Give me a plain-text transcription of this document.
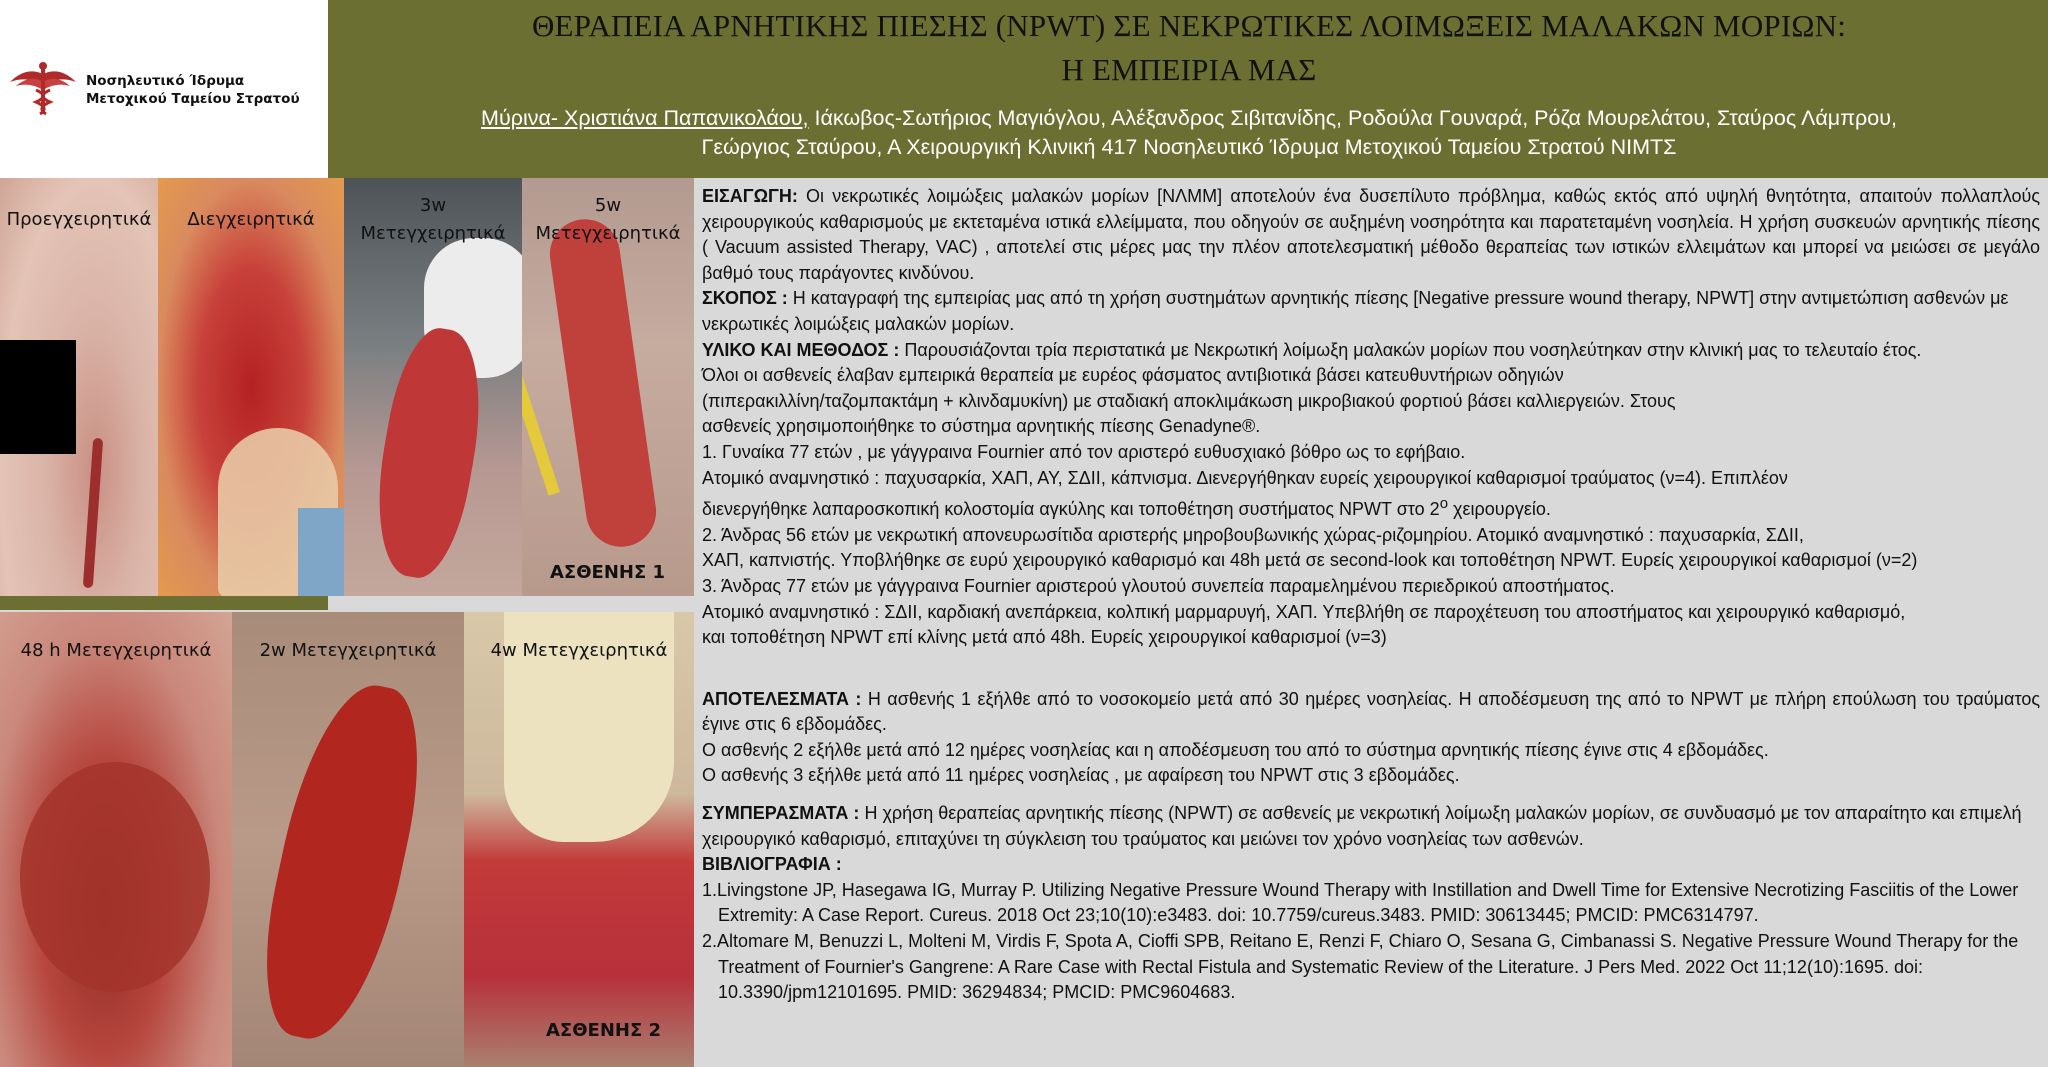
Νοσηλευτικό Ίδρυμα
Μετοχικού Ταμείου Στρατού
ΘΕΡΑΠΕΙΑ ΑΡΝΗΤΙΚΗΣ ΠΙΕΣΗΣ (NPWT) ΣΕ ΝΕΚΡΩΤΙΚΕΣ ΛΟΙΜΩΞΕΙΣ ΜΑΛΑΚΩΝ ΜΟΡΙΩΝ:
Η ΕΜΠΕΙΡΙΑ ΜΑΣ
Μύρινα- Χριστιάνα Παπανικολάου, Ιάκωβος-Σωτήριος Μαγιόγλου, Αλέξανδρος Σιβιτανίδης, Ροδούλα Γουναρά, Ρόζα Μουρελάτου, Σταύρος Λάμπρου,
Γεώργιος Σταύρου, Α Χειρουργική Κλινική 417 Νοσηλευτικό Ίδρυμα Μετοχικού Ταμείου Στρατού ΝΙΜΤΣ
Προεγχειρητικά	Διεγχειρητικά
3w
Μετεγχειρητικά
5w
Μετεγχειρητικά
ΑΣΘΕΝΗΣ 1
48 h Μετεγχειρητικά	2w Μετεγχειρητικά	4w Μετεγχειρητικά
ΑΣΘΕΝΗΣ 2

ΕΙΣΑΓΩΓΗ: Οι νεκρωτικές λοιμώξεις μαλακών μορίων [ΝΛΜΜ] αποτελούν ένα δυσεπίλυτο πρόβλημα, καθώς εκτός από υψηλή θνητότητα, απαιτούν πολλαπλούς χειρουργικούς καθαρισμούς με εκτεταμένα ιστικά ελλείμματα, που οδηγούν σε αυξημένη νοσηρότητα και παρατεταμένη νοσηλεία. Η χρήση συσκευών αρνητικής πίεσης ( Vacuum assisted Therapy, VAC) , αποτελεί στις μέρες μας την πλέον αποτελεσματική μέθοδο θεραπείας των ιστικών ελλειμάτων και μπορεί να μειώσει σε μεγάλο βαθμό τους παράγοντες κινδύνου.

ΣΚΟΠΟΣ : Η καταγραφή της εμπειρίας μας από τη χρήση συστημάτων αρνητικής πίεσης [Negative pressure wound therapy, NPWT] στην αντιμετώπιση ασθενών με νεκρωτικές λοιμώξεις μαλακών μορίων.

ΥΛΙΚΟ ΚΑΙ ΜΕΘΟΔΟΣ : Παρουσιάζονται τρία περιστατικά με Νεκρωτική λοίμωξη μαλακών μορίων που νοσηλεύτηκαν στην κλινική μας το τελευταίο έτος.

Όλοι οι ασθενείς έλαβαν εμπειρικά θεραπεία με ευρέος φάσματος αντιβιοτικά βάσει κατευθυντήριων οδηγιών

(πιπερακιλλίνη/ταζομπακτάμη + κλινδαμυκίνη) με σταδιακή αποκλιμάκωση μικροβιακού φορτιού βάσει καλλιεργειών. Στους

ασθενείς χρησιμοποιήθηκε το σύστημα αρνητικής πίεσης Genadyne®.

1. Γυναίκα 77 ετών , με γάγγραινα Fournier από τον αριστερό ευθυσχιακό βόθρο ως το εφήβαιο.

Ατομικό αναμνηστικό : παχυσαρκία, ΧΑΠ, ΑΥ, ΣΔΙΙ, κάπνισμα. Διενεργήθηκαν ευρείς χειρουργικοί καθαρισμοί τραύματος (ν=4). Επιπλέον

διενεργήθηκε λαπαροσκοπική κολοστομία αγκύλης και τοποθέτηση συστήματος NPWT στο $2^o$ χειρουργείο.

2. Άνδρας 56 ετών με νεκρωτική απονευρωσίτιδα αριστερής μηροβουβωνικής χώρας-ριζομηρίου. Ατομικό αναμνηστικό : παχυσαρκία, ΣΔΙΙ,

ΧΑΠ, καπνιστής. Υποβλήθηκε σε ευρύ χειρουργικό καθαρισμό και 48h μετά σε second-look και τοποθέτηση NPWT. Ευρείς χειρουργικοί καθαρισμοί (ν=2)

3. Άνδρας 77 ετών με γάγγραινα Fournier αριστερού γλουτού συνεπεία παραμελημένου περιεδρικού αποστήματος.

Ατομικό αναμνηστικό : ΣΔΙΙ, καρδιακή ανεπάρκεια, κολπική μαρμαρυγή, ΧΑΠ. Υπεβλήθη σε παροχέτευση του αποστήματος και χειρουργικό καθαρισμό,

και τοποθέτηση NPWT επί κλίνης μετά από 48h. Ευρείς χειρουργικοί καθαρισμοί (ν=3)

ΑΠΟΤΕΛΕΣΜΑΤΑ : Η ασθενής 1 εξήλθε από το νοσοκομείο μετά από 30 ημέρες νοσηλείας. Η αποδέσμευση της από το NPWT με πλήρη επούλωση του τραύματος έγινε στις 6 εβδομάδες.

Ο ασθενής 2 εξήλθε μετά από 12 ημέρες νοσηλείας και η αποδέσμευση του από το σύστημα αρνητικής πίεσης έγινε στις 4 εβδομάδες.

Ο ασθενής 3 εξήλθε μετά από 11 ημέρες νοσηλείας , με αφαίρεση του NPWT στις 3 εβδομάδες.

ΣΥΜΠΕΡΑΣΜΑΤΑ : Η χρήση θεραπείας αρνητικής πίεσης (NPWT) σε ασθενείς με νεκρωτική λοίμωξη μαλακών μορίων, σε συνδυασμό με τον απαραίτητο και επιμελή χειρουργικό καθαρισμό, επιταχύνει τη σύγκλειση του τραύματος και μειώνει τον χρόνο νοσηλείας των ασθενών.

ΒΙΒΛΙΟΓΡΑΦΙΑ :

1.Livingstone JP, Hasegawa IG, Murray P. Utilizing Negative Pressure Wound Therapy with Instillation and Dwell Time for Extensive Necrotizing Fasciitis of the Lower Extremity: A Case Report. Cureus. 2018 Oct 23;10(10):e3483. doi: 10.7759/cureus.3483. PMID: 30613445; PMCID: PMC6314797.

2.Altomare M, Benuzzi L, Molteni M, Virdis F, Spota A, Cioffi SPB, Reitano E, Renzi F, Chiaro O, Sesana G, Cimbanassi S. Negative Pressure Wound Therapy for the Treatment of Fournier's Gangrene: A Rare Case with Rectal Fistula and Systematic Review of the Literature. J Pers Med. 2022 Oct 11;12(10):1695. doi: 10.3390/jpm12101695. PMID: 36294834; PMCID: PMC9604683.
